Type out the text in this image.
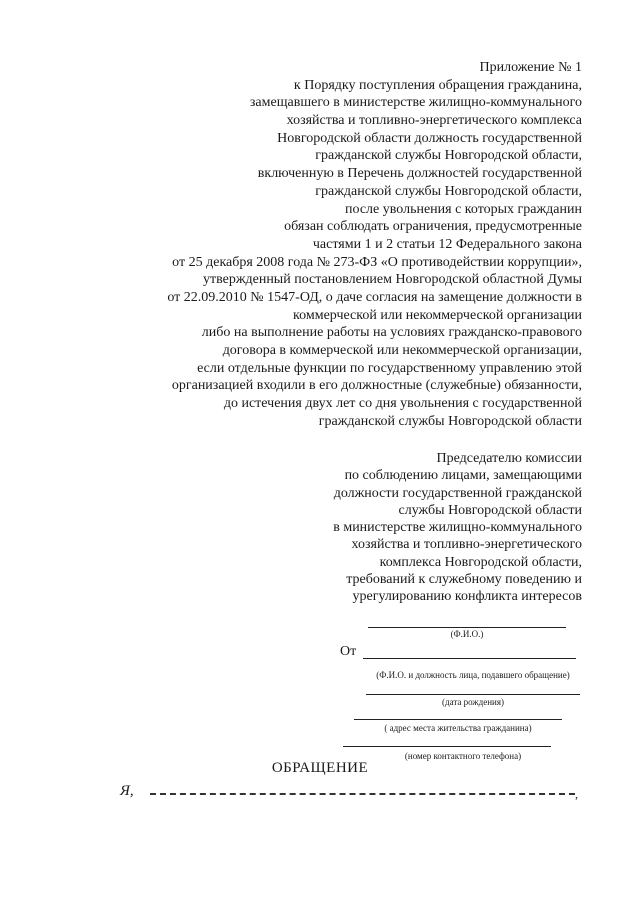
Приложение № 1
к Порядку поступления обращения гражданина,
замещавшего в министерстве жилищно-коммунального
хозяйства и топливно-энергетического комплекса
Новгородской области должность государственной
гражданской службы Новгородской области,
включенную в Перечень должностей государственной
гражданской службы Новгородской области,
после увольнения с которых гражданин
обязан соблюдать ограничения, предусмотренные
частями 1 и 2 статьи 12 Федерального закона
от 25 декабря 2008 года № 273-ФЗ «О противодействии коррупции»,
утвержденный постановлением Новгородской областной Думы
от 22.09.2010 № 1547-ОД, о даче согласия на замещение должности в
коммерческой или некоммерческой организации
либо на выполнение работы на условиях гражданско-правового
договора в коммерческой или некоммерческой организации,
если отдельные функции по государственному управлению этой
организацией входили в его должностные (служебные) обязанности,
до истечения двух лет со дня увольнения с государственной
гражданской службы Новгородской области
Председателю комиссии
по соблюдению лицами, замещающими
должности государственной гражданской
службы Новгородской области
в министерстве жилищно-коммунального
хозяйства и топливно-энергетического
комплекса Новгородской области,
требований к служебному поведению и
урегулированию конфликта интересов
(Ф.И.О.)
От
(Ф.И.О. и должность лица, подавшего обращение)
(дата рождения)
( адрес места жительства гражданина)
(номер контактного телефона)
ОБРАЩЕНИЕ
Я,	,
